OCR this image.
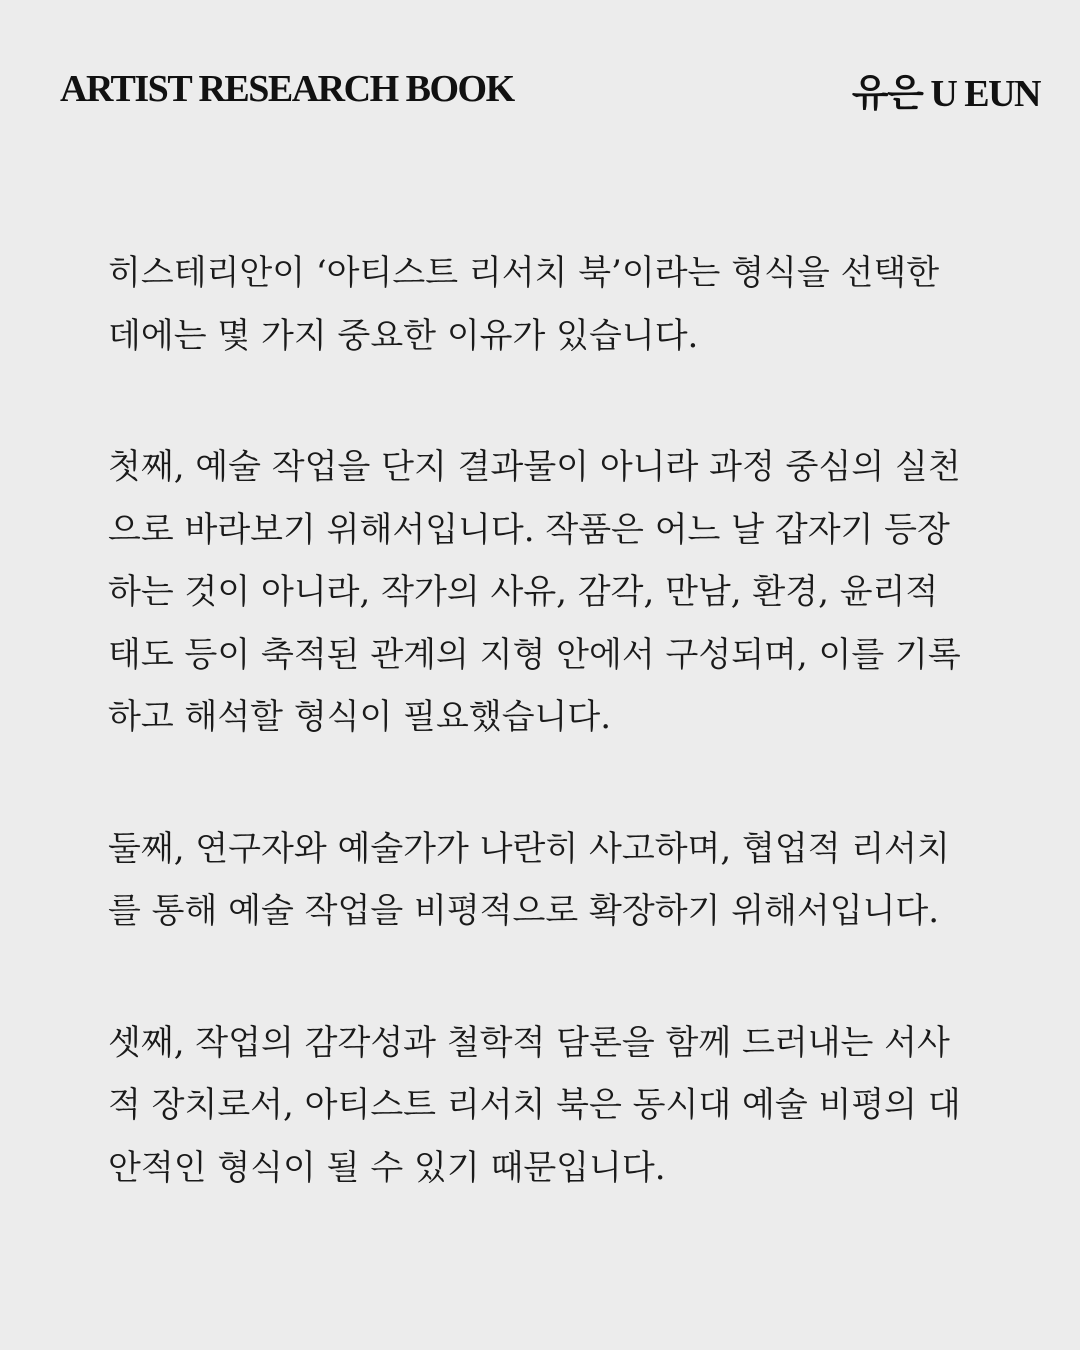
ARTIST RESEARCH BOOK	유은 U EUN
히스테리안이 ‘아티스트 리서치 북’이라는 형식을 선택한
데에는 몇 가지 중요한 이유가 있습니다.
첫째, 예술 작업을 단지 결과물이 아니라 과정 중심의 실천
으로 바라보기 위해서입니다. 작품은 어느 날 갑자기 등장
하는 것이 아니라, 작가의 사유, 감각, 만남, 환경, 윤리적
태도 등이 축적된 관계의 지형 안에서 구성되며, 이를 기록
하고 해석할 형식이 필요했습니다.
둘째, 연구자와 예술가가 나란히 사고하며, 협업적 리서치
를 통해 예술 작업을 비평적으로 확장하기 위해서입니다.
셋째, 작업의 감각성과 철학적 담론을 함께 드러내는 서사
적 장치로서, 아티스트 리서치 북은 동시대 예술 비평의 대
안적인 형식이 될 수 있기 때문입니다.
